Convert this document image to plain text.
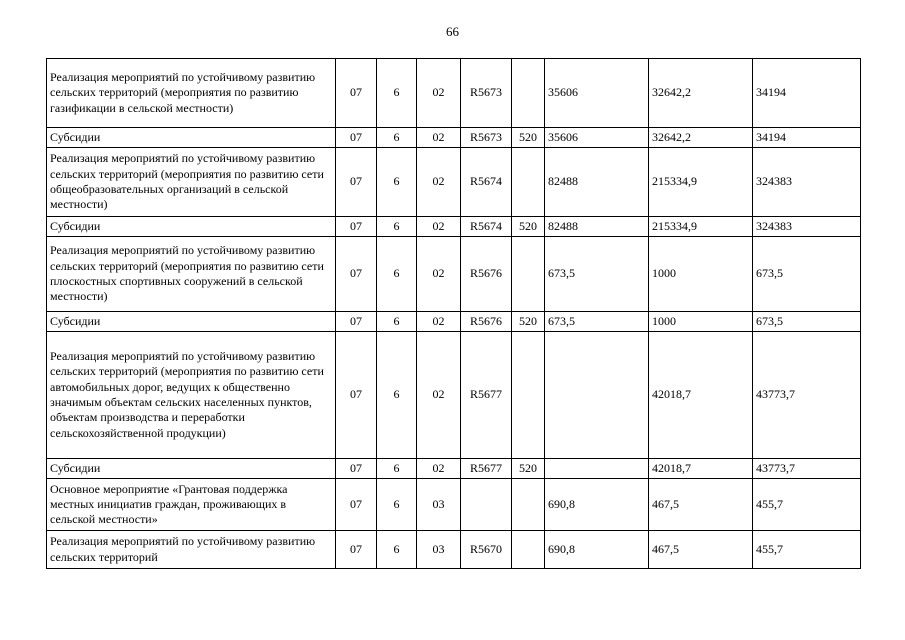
66
Реализация мероприятий по устойчивому развитию сельских территорий (мероприятия по развитию газификации в сельской местности)	07	6	02	R5673		35606	32642,2	34194
Субсидии	07	6	02	R5673	520	35606	32642,2	34194
Реализация мероприятий по устойчивому развитию сельских территорий (мероприятия по развитию сети общеобразовательных организаций в сельской местности)	07	6	02	R5674		82488	215334,9	324383
Субсидии	07	6	02	R5674	520	82488	215334,9	324383
Реализация мероприятий по устойчивому развитию сельских территорий (мероприятия по развитию сети плоскостных спортивных сооружений в сельской местности)	07	6	02	R5676		673,5	1000	673,5
Субсидии	07	6	02	R5676	520	673,5	1000	673,5
Реализация мероприятий по устойчивому развитию сельских территорий (мероприятия по развитию сети автомобильных дорог, ведущих к общественно значимым объектам сельских населенных пунктов, объектам производства и переработки сельскохозяйственной продукции)	07	6	02	R5677			42018,7	43773,7
Субсидии	07	6	02	R5677	520		42018,7	43773,7
Основное мероприятие «Грантовая поддержка местных инициатив граждан, проживающих в сельской местности»	07	6	03			690,8	467,5	455,7
Реализация мероприятий по устойчивому развитию сельских территорий	07	6	03	R5670		690,8	467,5	455,7
